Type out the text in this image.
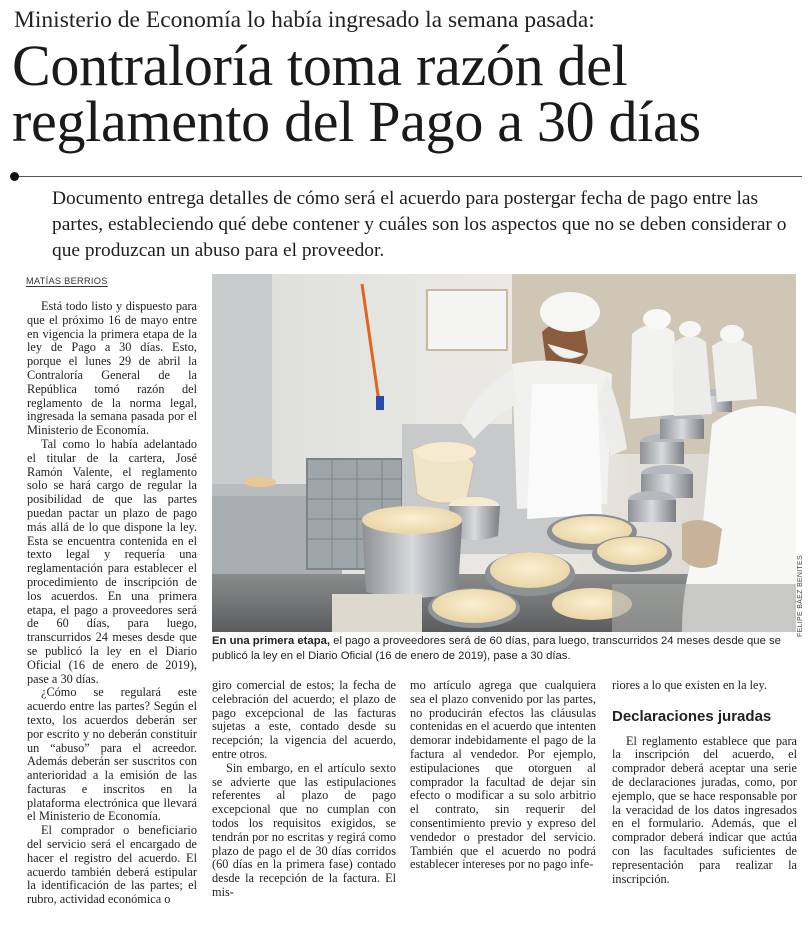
Ministerio de Economía lo había ingresado la semana pasada:
Contraloría toma razón del reglamento del Pago a 30 días
Documento entrega detalles de cómo será el acuerdo para postergar fecha de pago entre las partes, estableciendo qué debe contener y cuáles son los aspectos que no se deben considerar o que produzcan un abuso para el proveedor.
MATÍAS BERRIOS

Está todo listo y dispuesto para que el próximo 16 de mayo entre en vigencia la primera etapa de la ley de Pago a 30 días. Esto, porque el lunes 29 de abril la Contraloría General de la República tomó razón del reglamento de la norma legal, ingresada la semana pasada por el Ministerio de Economía.

Tal como lo había adelantado el titular de la cartera, José Ramón Valente, el reglamento solo se hará cargo de regular la posibilidad de que las partes puedan pactar un plazo de pago más allá de lo que dispone la ley. Esta se encuentra contenida en el texto legal y requería una reglamentación para establecer el procedimiento de inscripción de los acuerdos. En una primera etapa, el pago a proveedores será de 60 días, para luego, transcurridos 24 meses desde que se publicó la ley en el Diario Oficial (16 de enero de 2019), pase a 30 días.

¿Cómo se regulará este acuerdo entre las partes? Según el texto, los acuerdos deberán ser por escrito y no deberán constituir un “abuso” para el acreedor. Además deberán ser suscritos con anterioridad a la emisión de las facturas e inscritos en la plataforma electrónica que llevará el Ministerio de Economía.

El comprador o beneficiario del servicio será el encargado de hacer el registro del acuerdo. El acuerdo también deberá estipular la identificación de las partes; el rubro, actividad económica o

FELIPE BÁEZ BENITES
En una primera etapa, el pago a proveedores será de 60 días, para luego, transcurridos 24 meses desde que se publicó la ley en el Diario Oficial (16 de enero de 2019), pase a 30 días.

giro comercial de estos; la fecha de celebración del acuerdo; el plazo de pago excepcional de las facturas sujetas a este, contado desde su recepción; la vigencia del acuerdo, entre otros.

Sin embargo, en el artículo sexto se advierte que las estipulaciones referentes al plazo de pago excepcional que no cumplan con todos los requisitos exigidos, se tendrán por no escritas y regirá como plazo de pago el de 30 días corridos (60 días en la primera fase) contado desde la recepción de la factura. El mis-

mo artículo agrega que cualquiera sea el plazo convenido por las partes, no producirán efectos las cláusulas contenidas en el acuerdo que intenten demorar indebidamente el pago de la factura al vendedor. Por ejemplo, estipulaciones que otorguen al comprador la facultad de dejar sin efecto o modificar a su solo arbitrio el contrato, sin requerir del consentimiento previo y expreso del vendedor o prestador del servicio. También que el acuerdo no podrá establecer intereses por no pago infe-

riores a lo que existen en la ley.

Declaraciones juradas

El reglamento establece que para la inscripción del acuerdo, el comprador deberá aceptar una serie de declaraciones juradas, como, por ejemplo, que se hace responsable por la veracidad de los datos ingresados en el formulario. Además, que el comprador deberá indicar que actúa con las facultades suficientes de representación para realizar la inscripción.
